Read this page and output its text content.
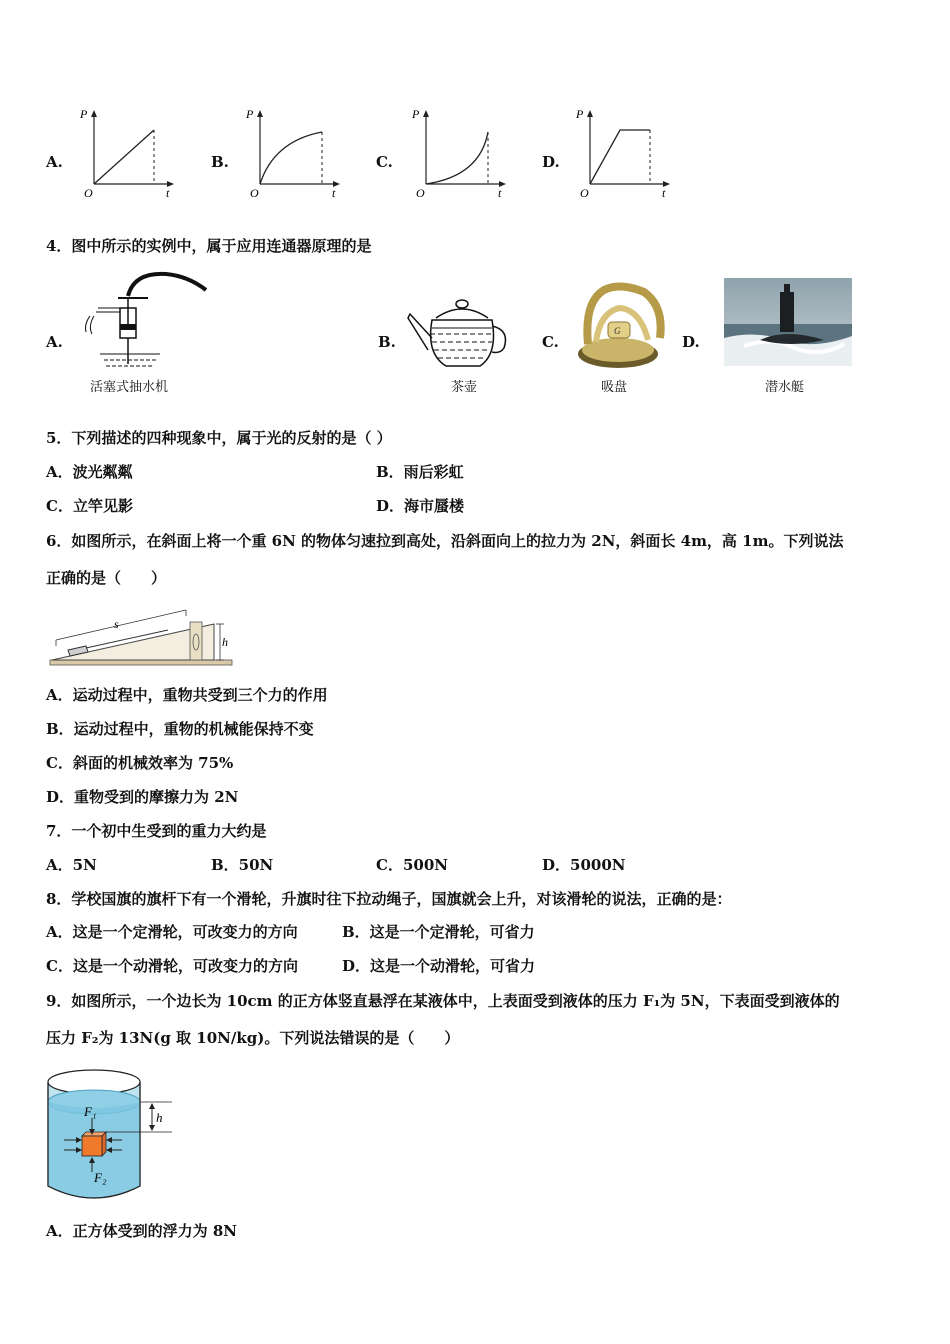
A.
P
O	t
B.
P
O	t
C.
P
O	t
D.
P
O	t
4．图中所示的实例中，属于应用连通器原理的是
A.
活塞式抽水机
B.
茶壶
C.
G
吸盘
D.
潜水艇
5．下列描述的四种现象中，属于光的反射的是（ ）
A．波光粼粼	B．雨后彩虹
C．立竿见影	D．海市蜃楼
6．如图所示，在斜面上将一个重 6N 的物体匀速拉到高处，沿斜面向上的拉力为 2N，斜面长 4m，高 1m。下列说法
正确的是（　　）
s
h
A．运动过程中，重物共受到三个力的作用
B．运动过程中，重物的机械能保持不变
C．斜面的机械效率为 75%
D．重物受到的摩擦力为 2N
7．一个初中生受到的重力大约是
A．5N	B．50N	C．500N	D．5000N
8．学校国旗的旗杆下有一个滑轮，升旗时往下拉动绳子，国旗就会上升，对该滑轮的说法，正确的是：
A．这是一个定滑轮，可改变力的方向	B．这是一个定滑轮，可省力
C．这是一个动滑轮，可改变力的方向	D．这是一个动滑轮，可省力
9．如图所示，一个边长为 10cm 的正方体竖直悬浮在某液体中，上表面受到液体的压力 F₁为 5N，下表面受到液体的
压力 F₂为 13N(g 取 10N/kg)。下列说法错误的是（　　）
h
F₁
F₂
A．正方体受到的浮力为 8N
